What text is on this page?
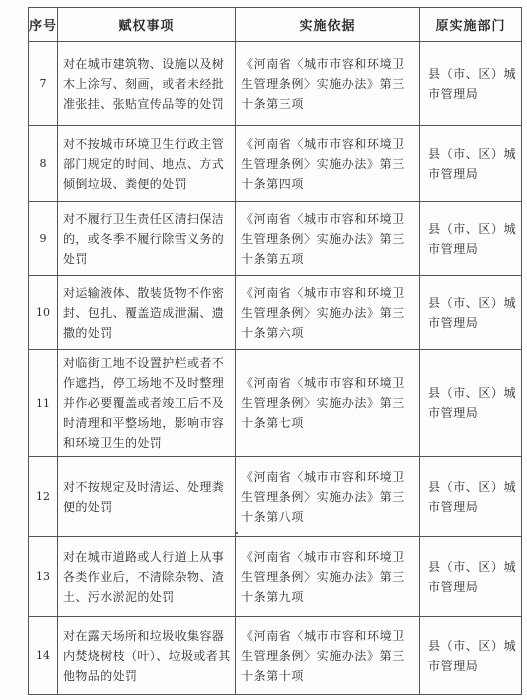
序号	赋权事项	实施依据	原实施部门
7	对在城市建筑物、设施以及树木上涂写、刻画，或者未经批准张挂、张贴宣传品等的处罚	《河南省〈城市市容和环境卫生管理条例〉实施办法》第三十条第三项	县（市、区）城市管理局
8	对不按城市环境卫生行政主管部门规定的时间、地点、方式倾倒垃圾、粪便的处罚	《河南省〈城市市容和环境卫生管理条例〉实施办法》第三十条第四项	县（市、区）城市管理局
9	对不履行卫生责任区清扫保洁的，或冬季不履行除雪义务的处罚	《河南省〈城市市容和环境卫生管理条例〉实施办法》第三十条第五项	县（市、区）城市管理局
10	对运输液体、散装货物不作密封、包扎、覆盖造成泄漏、遗撒的处罚	《河南省〈城市市容和环境卫生管理条例〉实施办法》第三十条第六项	县（市、区）城市管理局
11	对临街工地不设置护栏或者不作遮挡，停工场地不及时整理并作必要覆盖或者竣工后不及时清理和平整场地，影响市容和环境卫生的处罚	《河南省〈城市市容和环境卫生管理条例〉实施办法》第三十条第七项	县（市、区）城市管理局
12	对不按规定及时清运、处理粪便的处罚	《河南省〈城市市容和环境卫生管理条例〉实施办法》第三十条第八项	县（市、区）城市管理局
13	对在城市道路或人行道上从事各类作业后，不清除杂物、渣土、污水淤泥的处罚	《河南省〈城市市容和环境卫生管理条例〉实施办法》第三十条第九项	县（市、区）城市管理局
14	对在露天场所和垃圾收集容器内焚烧树枝（叶）、垃圾或者其他物品的处罚	《河南省〈城市市容和环境卫生管理条例〉实施办法》第三十条第十项	县（市、区）城市管理局
